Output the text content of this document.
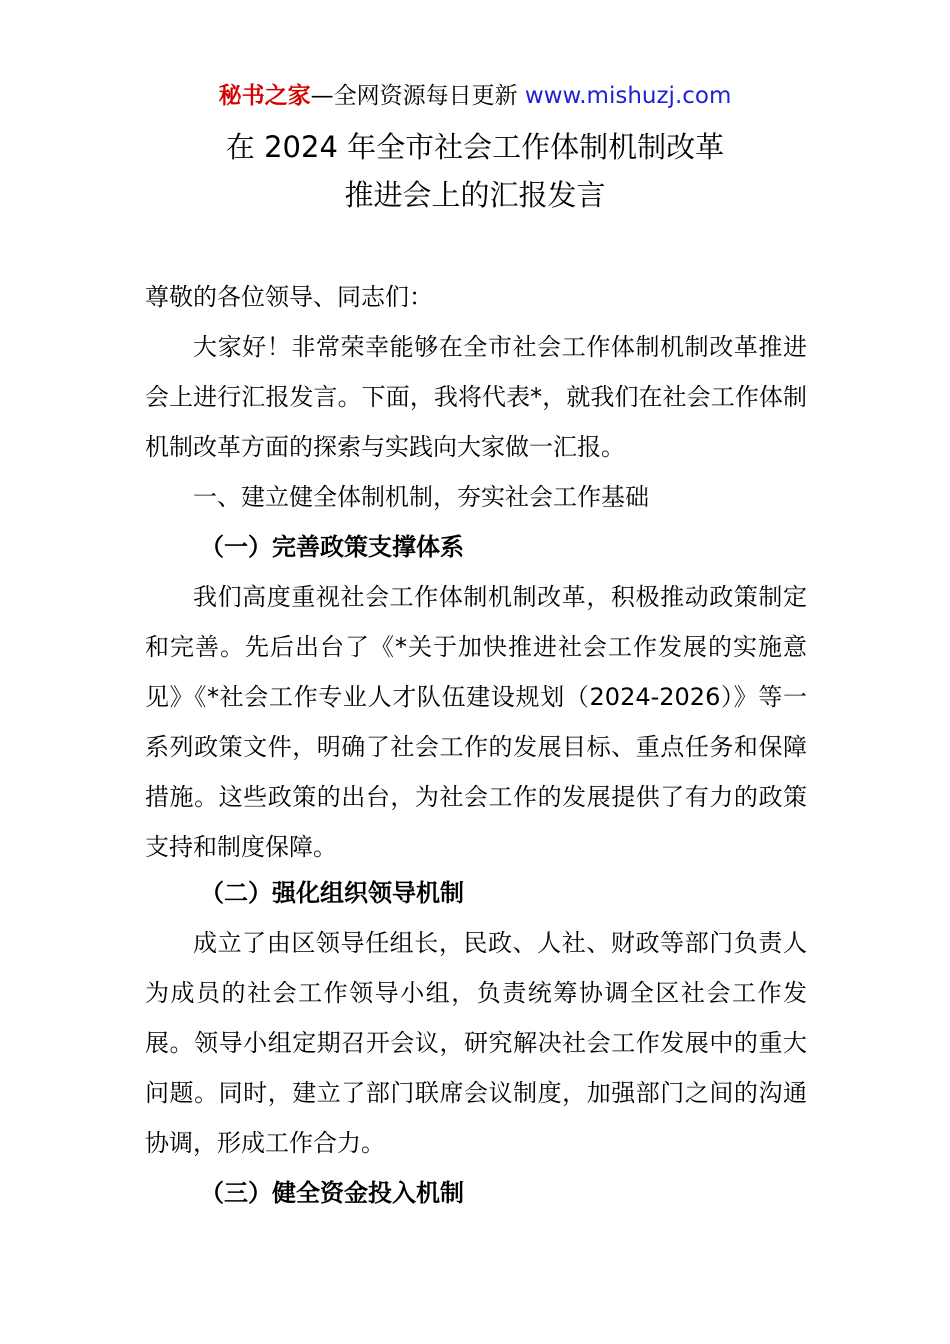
秘书之家—全网资源每日更新 www.mishuzj.com
在 2024 年全市社会工作体制机制改革
推进会上的汇报发言
尊敬的各位领导、同志们：

大家好！非常荣幸能够在全市社会工作体制机制改革推进会上进行汇报发言。下面，我将代表*，就我们在社会工作体制机制改革方面的探索与实践向大家做一汇报。

一、建立健全体制机制，夯实社会工作基础
（一）完善政策支撑体系

我们高度重视社会工作体制机制改革，积极推动政策制定和完善。先后出台了《*关于加快推进社会工作发展的实施意见》《*社会工作专业人才队伍建设规划（2024-2026）》等一系列政策文件，明确了社会工作的发展目标、重点任务和保障措施。这些政策的出台，为社会工作的发展提供了有力的政策支持和制度保障。

（二）强化组织领导机制

成立了由区领导任组长，民政、人社、财政等部门负责人为成员的社会工作领导小组，负责统筹协调全区社会工作发展。领导小组定期召开会议，研究解决社会工作发展中的重大问题。同时，建立了部门联席会议制度，加强部门之间的沟通协调，形成工作合力。

（三）健全资金投入机制
